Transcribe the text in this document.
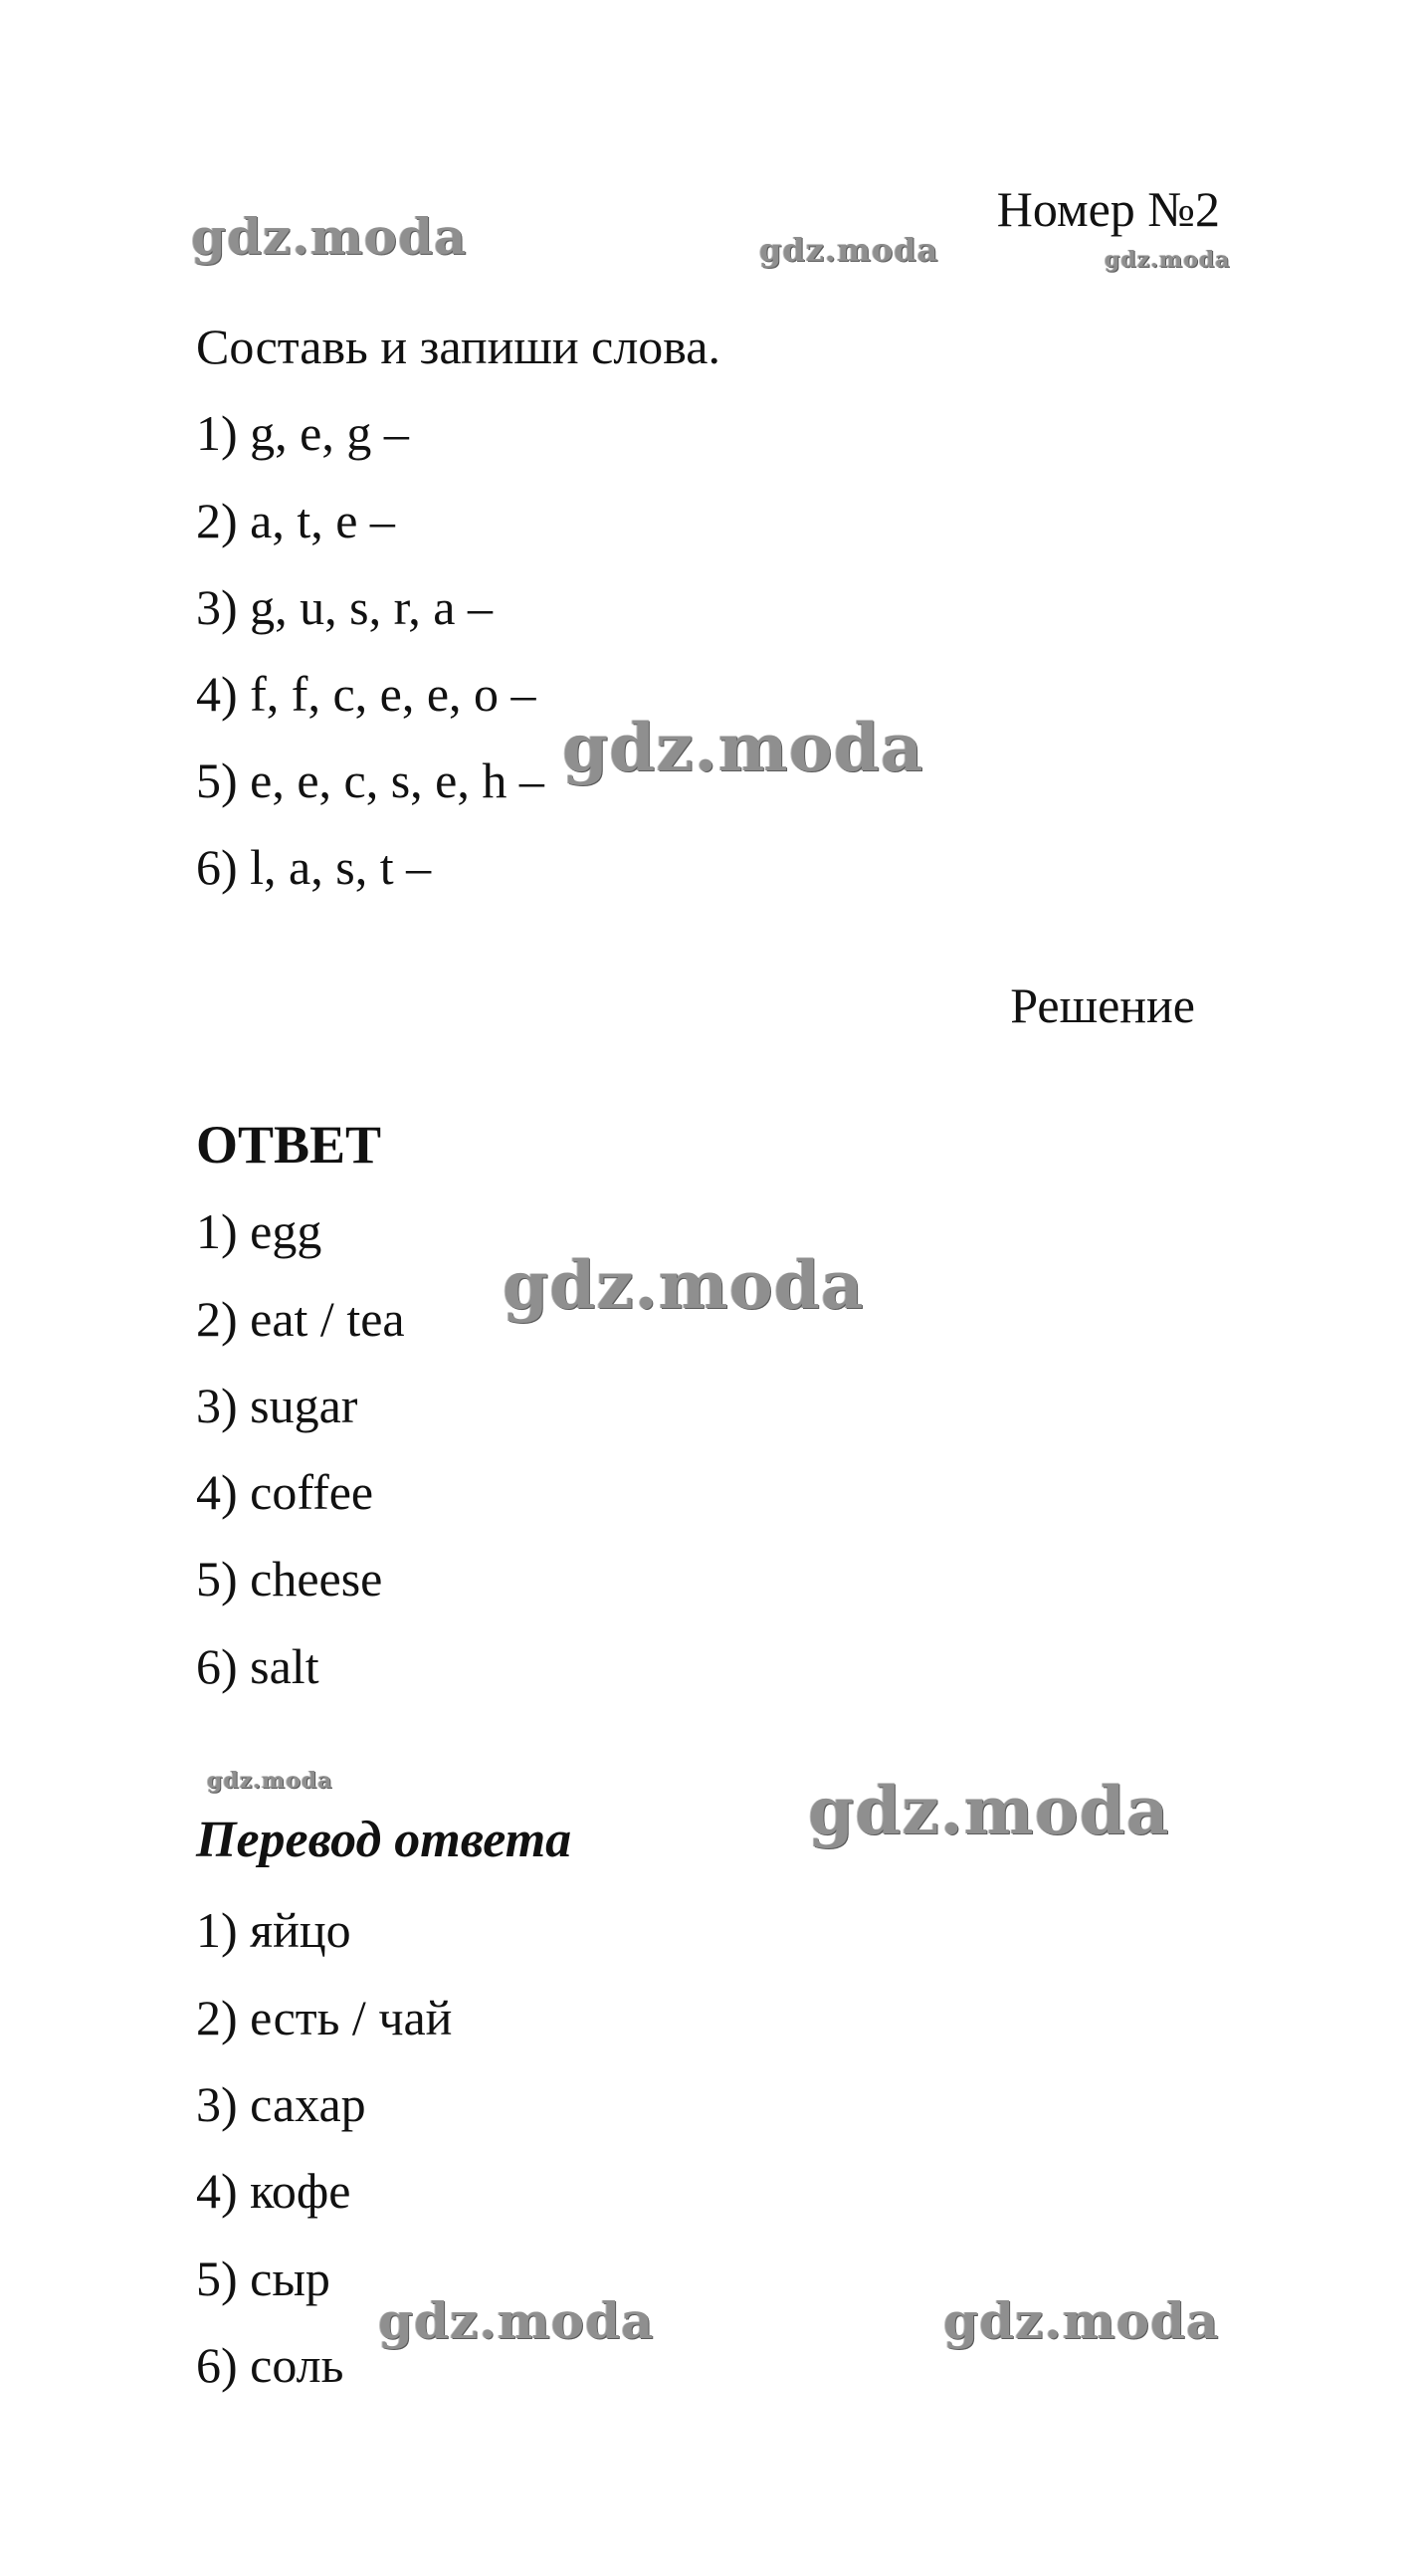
Номер №2
gdz.moda	gdz.moda	gdz.moda
Составь и запиши слова.
1) g, e, g –
2) a, t, e –
3) g, u, s, r, a –
4) f, f, c, e, e, o –
5) e, e, c, s, e, h –
6) l, a, s, t –
gdz.moda
Решение
ОТВЕТ
1) egg
2) eat / tea
3) sugar
4) coffee
5) cheese
6) salt
gdz.moda
gdz.moda	gdz.moda
Перевод ответа
1) яйцо
2) есть / чай
3) сахар
4) кофе
5) сыр
6) соль
gdz.moda	gdz.moda
